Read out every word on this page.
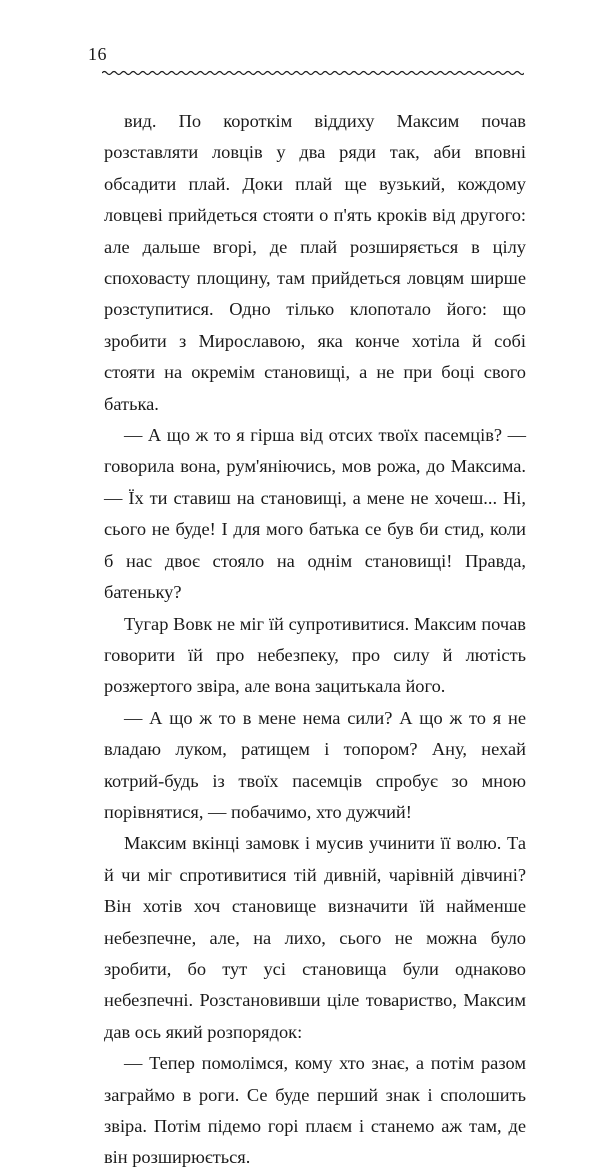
16

вид. По короткім віддиху Максим почав розставляти ловців у два ряди так, аби вповні обсадити плай. Доки плай ще вузький, кождому ловцеві прийдеться стояти о п'ять кроків від другого: але дальше вгорі, де плай розширяється в цілу споховасту площину, там прийдеться ловцям ширше розступитися. Одно тілько клопотало його: що зробити з Мирославою, яка конче хотіла й собі стояти на окремім становищі, а не при боці свого батька.

— А що ж то я гірша від отсих твоїх пасемців? — говорила вона, рум'яніючись, мов рожа, до Максима. — Їх ти ставиш на становищі, а мене не хочеш... Ні, сього не буде! І для мого батька се був би стид, коли б нас двоє стояло на однім становищі! Правда, батеньку?

Тугар Вовк не міг їй супротивитися. Максим почав говорити їй про небезпеку, про силу й лютість розжертого звіра, але вона зацитькала його.

— А що ж то в мене нема сили? А що ж то я не владаю луком, ратищем і топором? Ану, нехай котрий-будь із твоїх пасемців спробує зо мною порівнятися, — побачимо, хто дужчий!

Максим вкінці замовк і мусив учинити її волю. Та й чи міг спротивитися тій дивній, чарівній дівчині? Він хотів хоч становище визначити їй найменше небезпечне, але, на лихо, сього не можна було зробити, бо тут усі становища були однаково небезпечні. Розстановивши ціле товариство, Максим дав ось який розпорядок:

— Тепер помолімся, кому хто знає, а потім разом заграймо в роги. Се буде перший знак і сполошить звіра. Потім підемо горі плаєм і станемо аж там, де він розширюється.
